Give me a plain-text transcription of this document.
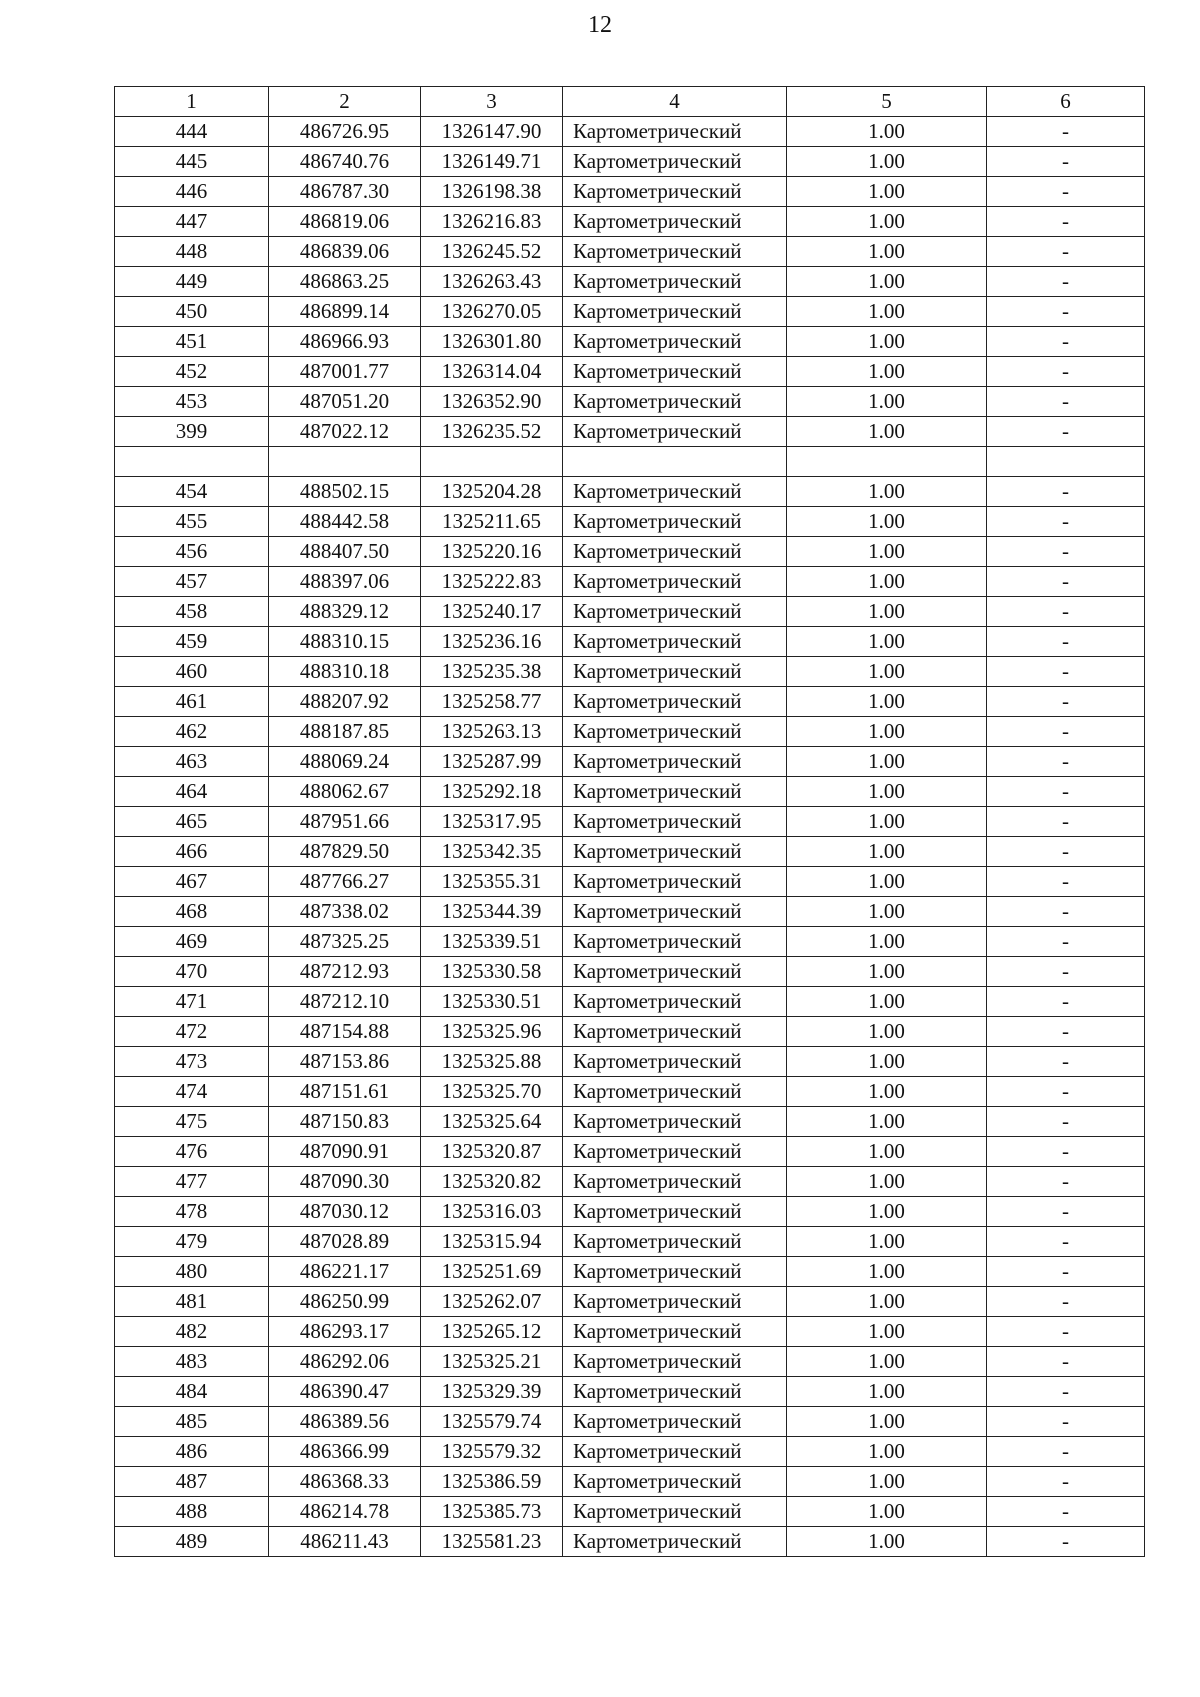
12
1	2	3	4	5	6
444	486726.95	1326147.90	Картометрический	1.00	-
445	486740.76	1326149.71	Картометрический	1.00	-
446	486787.30	1326198.38	Картометрический	1.00	-
447	486819.06	1326216.83	Картометрический	1.00	-
448	486839.06	1326245.52	Картометрический	1.00	-
449	486863.25	1326263.43	Картометрический	1.00	-
450	486899.14	1326270.05	Картометрический	1.00	-
451	486966.93	1326301.80	Картометрический	1.00	-
452	487001.77	1326314.04	Картометрический	1.00	-
453	487051.20	1326352.90	Картометрический	1.00	-
399	487022.12	1326235.52	Картометрический	1.00	-

454	488502.15	1325204.28	Картометрический	1.00	-
455	488442.58	1325211.65	Картометрический	1.00	-
456	488407.50	1325220.16	Картометрический	1.00	-
457	488397.06	1325222.83	Картометрический	1.00	-
458	488329.12	1325240.17	Картометрический	1.00	-
459	488310.15	1325236.16	Картометрический	1.00	-
460	488310.18	1325235.38	Картометрический	1.00	-
461	488207.92	1325258.77	Картометрический	1.00	-
462	488187.85	1325263.13	Картометрический	1.00	-
463	488069.24	1325287.99	Картометрический	1.00	-
464	488062.67	1325292.18	Картометрический	1.00	-
465	487951.66	1325317.95	Картометрический	1.00	-
466	487829.50	1325342.35	Картометрический	1.00	-
467	487766.27	1325355.31	Картометрический	1.00	-
468	487338.02	1325344.39	Картометрический	1.00	-
469	487325.25	1325339.51	Картометрический	1.00	-
470	487212.93	1325330.58	Картометрический	1.00	-
471	487212.10	1325330.51	Картометрический	1.00	-
472	487154.88	1325325.96	Картометрический	1.00	-
473	487153.86	1325325.88	Картометрический	1.00	-
474	487151.61	1325325.70	Картометрический	1.00	-
475	487150.83	1325325.64	Картометрический	1.00	-
476	487090.91	1325320.87	Картометрический	1.00	-
477	487090.30	1325320.82	Картометрический	1.00	-
478	487030.12	1325316.03	Картометрический	1.00	-
479	487028.89	1325315.94	Картометрический	1.00	-
480	486221.17	1325251.69	Картометрический	1.00	-
481	486250.99	1325262.07	Картометрический	1.00	-
482	486293.17	1325265.12	Картометрический	1.00	-
483	486292.06	1325325.21	Картометрический	1.00	-
484	486390.47	1325329.39	Картометрический	1.00	-
485	486389.56	1325579.74	Картометрический	1.00	-
486	486366.99	1325579.32	Картометрический	1.00	-
487	486368.33	1325386.59	Картометрический	1.00	-
488	486214.78	1325385.73	Картометрический	1.00	-
489	486211.43	1325581.23	Картометрический	1.00	-
